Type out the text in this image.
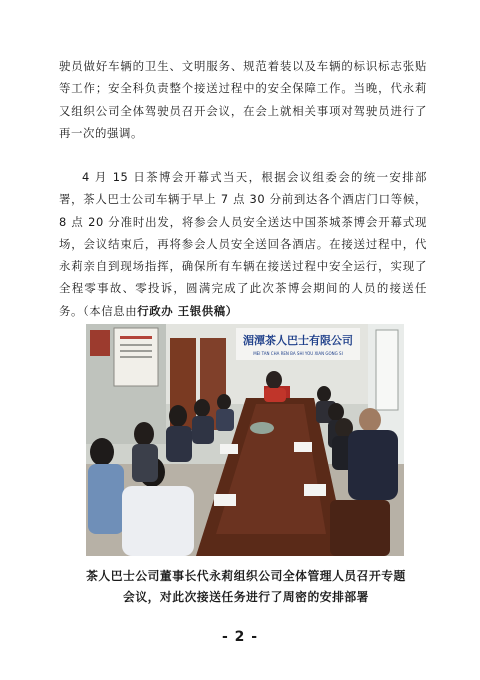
驶员做好车辆的卫生、文明服务、规范着装以及车辆的标识标志张贴等工作；安全科负责整个接送过程中的安全保障工作。当晚，代永莉又组织公司全体驾驶员召开会议，在会上就相关事项对驾驶员进行了再一次的强调。

4 月 15 日茶博会开幕式当天，根据会议组委会的统一安排部署，茶人巴士公司车辆于早上 7 点 30 分前到达各个酒店门口等候，8 点 20 分准时出发，将参会人员安全送达中国茶城茶博会开幕式现场，会议结束后，再将参会人员安全送回各酒店。在接送过程中，代永莉亲自到现场指挥，确保所有车辆在接送过程中安全运行，实现了全程零事故、零投诉，圆满完成了此次茶博会期间的人员的接送任务。（本信息由行政办 王银供稿）

湄潭茶人巴士有限公司
MEI TAN CHA REN BA SHI YOU XIAN GONG SI
茶人巴士公司董事长代永莉组织公司全体管理人员召开专题会议，对此次接送任务进行了周密的安排部署
- 2 -
